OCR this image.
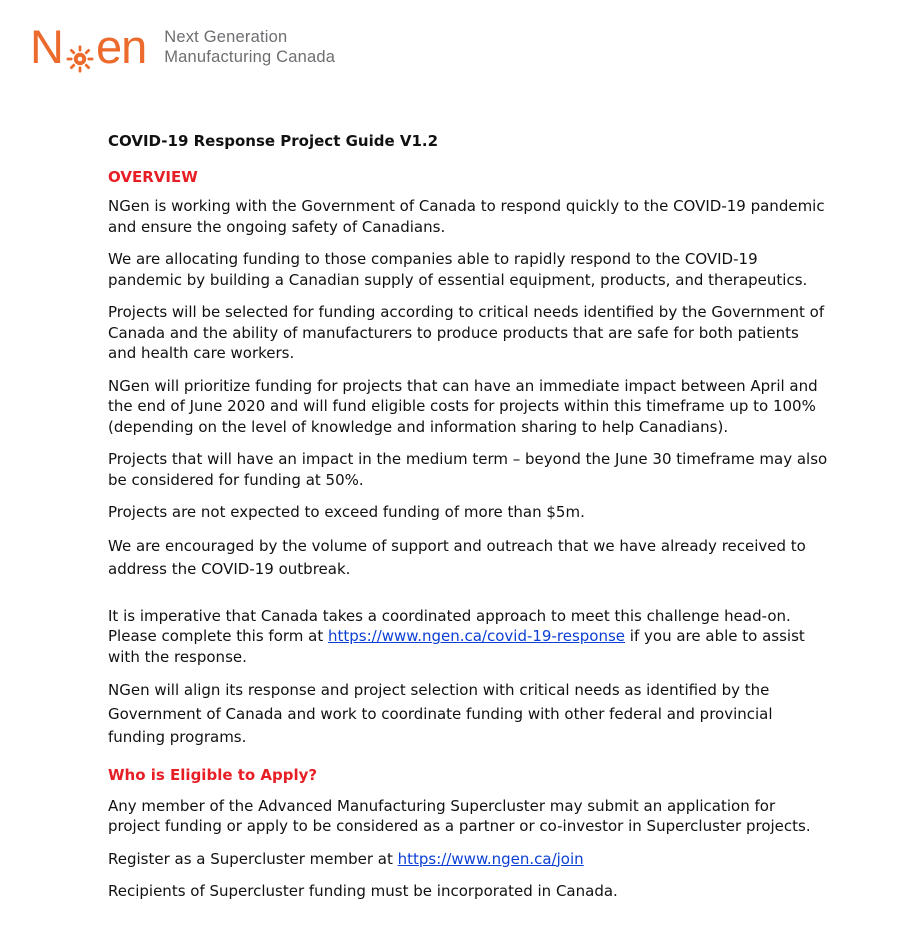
N en Next Generation
Manufacturing Canada
COVID-19 Response Project Guide V1.2
OVERVIEW

NGen is working with the Government of Canada to respond quickly to the COVID-19 pandemic and ensure the ongoing safety of Canadians.

We are allocating funding to those companies able to rapidly respond to the COVID-19 pandemic by building a Canadian supply of essential equipment, products, and therapeutics.

Projects will be selected for funding according to critical needs identified by the Government of Canada and the ability of manufacturers to produce products that are safe for both patients and health care workers.

NGen will prioritize funding for projects that can have an immediate impact between April and the end of June 2020 and will fund eligible costs for projects within this timeframe up to 100% (depending on the level of knowledge and information sharing to help Canadians).

Projects that will have an impact in the medium term – beyond the June 30 timeframe may also be considered for funding at 50%.

Projects are not expected to exceed funding of more than $5m.

We are encouraged by the volume of support and outreach that we have already received to address the COVID-19 outbreak.

It is imperative that Canada takes a coordinated approach to meet this challenge head-on. Please complete this form at https://www.ngen.ca/covid-19-response if you are able to assist with the response.

NGen will align its response and project selection with critical needs as identified by the Government of Canada and work to coordinate funding with other federal and provincial funding programs.

Who is Eligible to Apply?

Any member of the Advanced Manufacturing Supercluster may submit an application for project funding or apply to be considered as a partner or co-investor in Supercluster projects.

Register as a Supercluster member at https://www.ngen.ca/join

Recipients of Supercluster funding must be incorporated in Canada.
